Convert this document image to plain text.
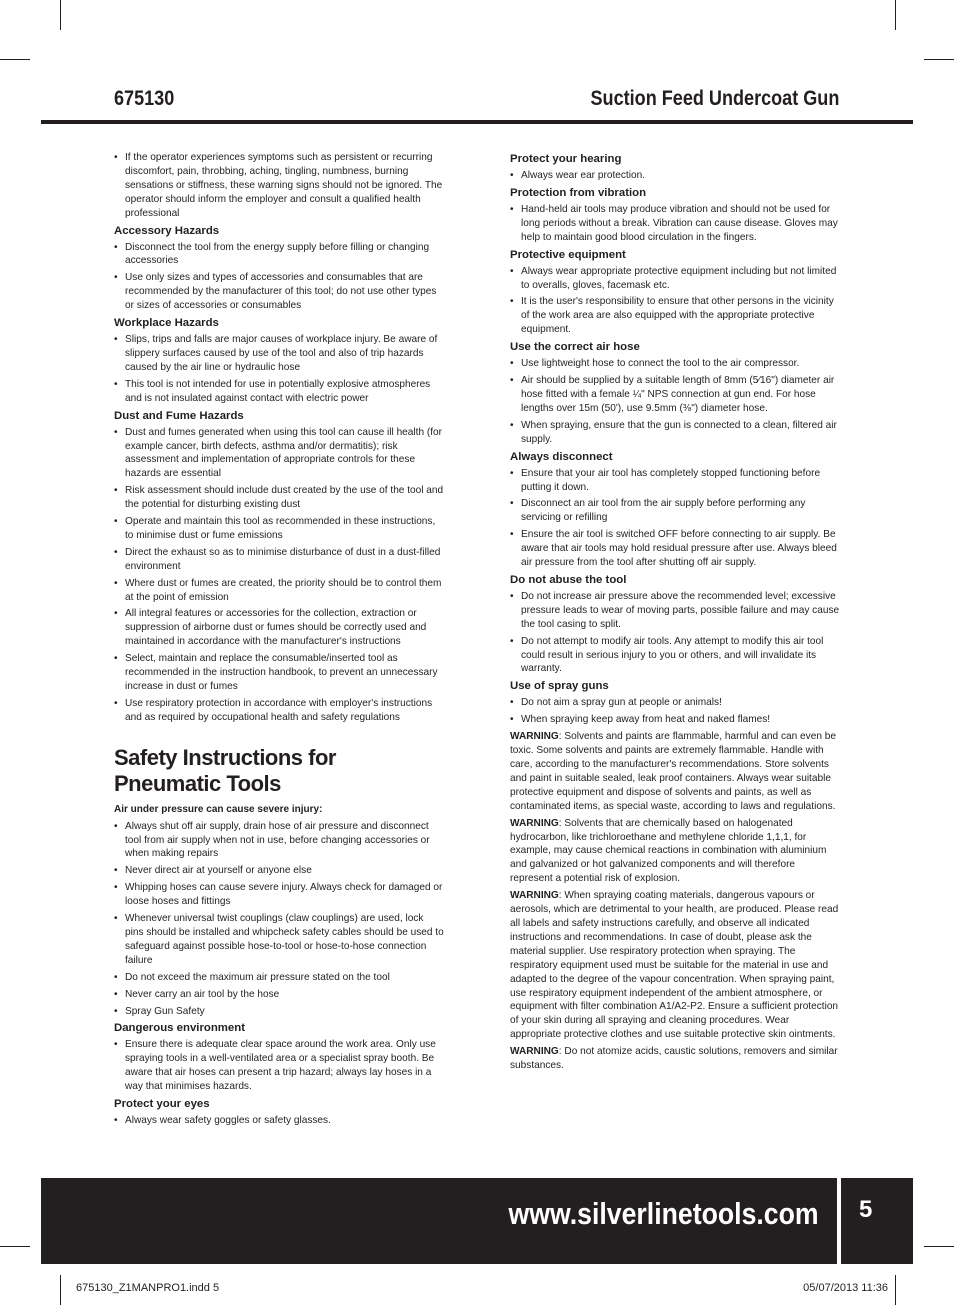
675130	Suction Feed Undercoat Gun
• If the operator experiences symptoms such as persistent or recurring discomfort, pain, throbbing, aching, tingling, numbness, burning sensations or stiffness, these warning signs should not be ignored. The operator should inform the employer and consult a qualified health professional
Accessory Hazards
• Disconnect the tool from the energy supply before filling or changing accessories
• Use only sizes and types of accessories and consumables that are recommended by the manufacturer of this tool; do not use other types or sizes of accessories or consumables
Workplace Hazards
• Slips, trips and falls are major causes of workplace injury. Be aware of slippery surfaces caused by use of the tool and also of trip hazards caused by the air line or hydraulic hose
• This tool is not intended for use in potentially explosive atmospheres and is not insulated against contact with electric power
Dust and Fume Hazards
• Dust and fumes generated when using this tool can cause ill health (for example cancer, birth defects, asthma and/or dermatitis); risk assessment and implementation of appropriate controls for these hazards are essential
• Risk assessment should include dust created by the use of the tool and the potential for disturbing existing dust
• Operate and maintain this tool as recommended in these instructions, to minimise dust or fume emissions
• Direct the exhaust so as to minimise disturbance of dust in a dust-filled environment
• Where dust or fumes are created, the priority should be to control them at the point of emission
• All integral features or accessories for the collection, extraction or suppression of airborne dust or fumes should be correctly used and maintained in accordance with the manufacturer's instructions
• Select, maintain and replace the consumable/inserted tool as recommended in the instruction handbook, to prevent an unnecessary increase in dust or fumes
• Use respiratory protection in accordance with employer's instructions and as required by occupational health and safety regulations
Safety Instructions for Pneumatic Tools
Air under pressure can cause severe injury:
• Always shut off air supply, drain hose of air pressure and disconnect tool from air supply when not in use, before changing accessories or when making repairs
• Never direct air at yourself or anyone else
• Whipping hoses can cause severe injury. Always check for damaged or loose hoses and fittings
• Whenever universal twist couplings (claw couplings) are used, lock pins should be installed and whipcheck safety cables should be used to safeguard against possible hose-to-tool or hose-to-hose connection failure
• Do not exceed the maximum air pressure stated on the tool
• Never carry an air tool by the hose
• Spray Gun Safety
Dangerous environment
• Ensure there is adequate clear space around the work area. Only use spraying tools in a well-ventilated area or a specialist spray booth. Be aware that air hoses can present a trip hazard; always lay hoses in a way that minimises hazards.
Protect your eyes
• Always wear safety goggles or safety glasses.
Protect your hearing
• Always wear ear protection.
Protection from vibration
• Hand-held air tools may produce vibration and should not be used for long periods without a break. Vibration can cause disease. Gloves may help to maintain good blood circulation in the fingers.
Protective equipment
• Always wear appropriate protective equipment including but not limited to overalls, gloves, facemask etc.
• It is the user's responsibility to ensure that other persons in the vicinity of the work area are also equipped with the appropriate protective equipment.
Use the correct air hose
• Use lightweight hose to connect the tool to the air compressor.
• Air should be supplied by a suitable length of 8mm (5⁄16") diameter air hose fitted with a female ¼" NPS connection at gun end. For hose lengths over 15m (50'), use 9.5mm (⅜") diameter hose.
• When spraying, ensure that the gun is connected to a clean, filtered air supply.
Always disconnect
• Ensure that your air tool has completely stopped functioning before putting it down.
• Disconnect an air tool from the air supply before performing any servicing or refilling
• Ensure the air tool is switched OFF before connecting to air supply. Be aware that air tools may hold residual pressure after use. Always bleed air pressure from the tool after shutting off air supply.
Do not abuse the tool
• Do not increase air pressure above the recommended level; excessive pressure leads to wear of moving parts, possible failure and may cause the tool casing to split.
• Do not attempt to modify air tools. Any attempt to modify this air tool could result in serious injury to you or others, and will invalidate its warranty.
Use of spray guns
• Do not aim a spray gun at people or animals!
• When spraying keep away from heat and naked flames!

WARNING: Solvents and paints are flammable, harmful and can even be toxic. Some solvents and paints are extremely flammable. Handle with care, according to the manufacturer's recommendations. Store solvents and paint in suitable sealed, leak proof containers. Always wear suitable protective equipment and dispose of solvents and paints, as well as contaminated items, as special waste, according to laws and regulations.

WARNING: Solvents that are chemically based on halogenated hydrocarbon, like trichloroethane and methylene chloride 1,1,1, for example, may cause chemical reactions in combination with aluminium and galvanized or hot galvanized components and will therefore represent a potential risk of explosion.

WARNING: When spraying coating materials, dangerous vapours or aerosols, which are detrimental to your health, are produced. Please read all labels and safety instructions carefully, and observe all indicated instructions and recommendations. In case of doubt, please ask the material supplier. Use respiratory protection when spraying. The respiratory equipment used must be suitable for the material in use and adapted to the degree of the vapour concentration. When spraying paint, use respiratory equipment independent of the ambient atmosphere, or equipment with filter combination A1/A2-P2. Ensure a sufficient protection of your skin during all spraying and cleaning procedures. Wear appropriate protective clothes and use suitable protective skin ointments.

WARNING: Do not atomize acids, caustic solutions, removers and similar substances.

www.silverlinetools.com 5
675130_Z1MANPRO1.indd 5	05/07/2013 11:36
